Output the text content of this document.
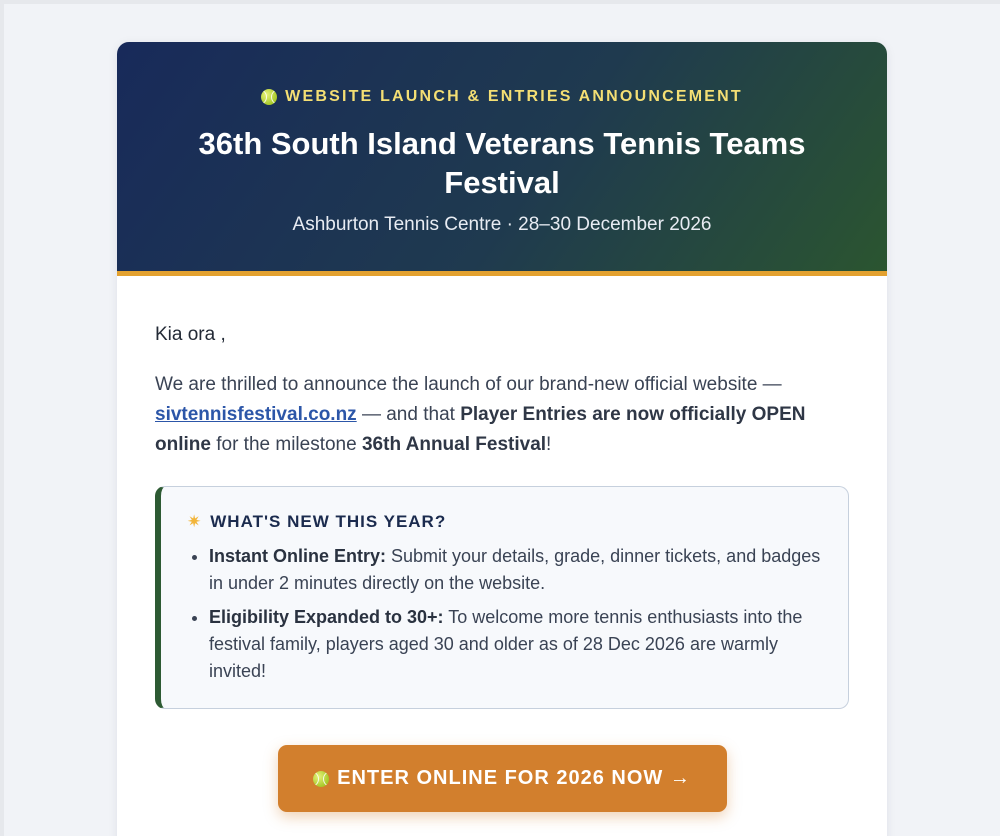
WEBSITE LAUNCH & ENTRIES ANNOUNCEMENT
36th South Island Veterans Tennis Teams Festival
Ashburton Tennis Centre · 28–30 December 2026

Kia ora ,

We are thrilled to announce the launch of our brand-new official website — sivtennisfestival.co.nz — and that Player Entries are now officially OPEN online for the milestone 36th Annual Festival!

✷ WHAT'S NEW THIS YEAR?
• Instant Online Entry: Submit your details, grade, dinner tickets, and badges in under 2 minutes directly on the website.
• Eligibility Expanded to 30+: To welcome more tennis enthusiasts into the festival family, players aged 30 and older as of 28 Dec 2026 are warmly invited!
ENTER ONLINE FOR 2026 NOW →
